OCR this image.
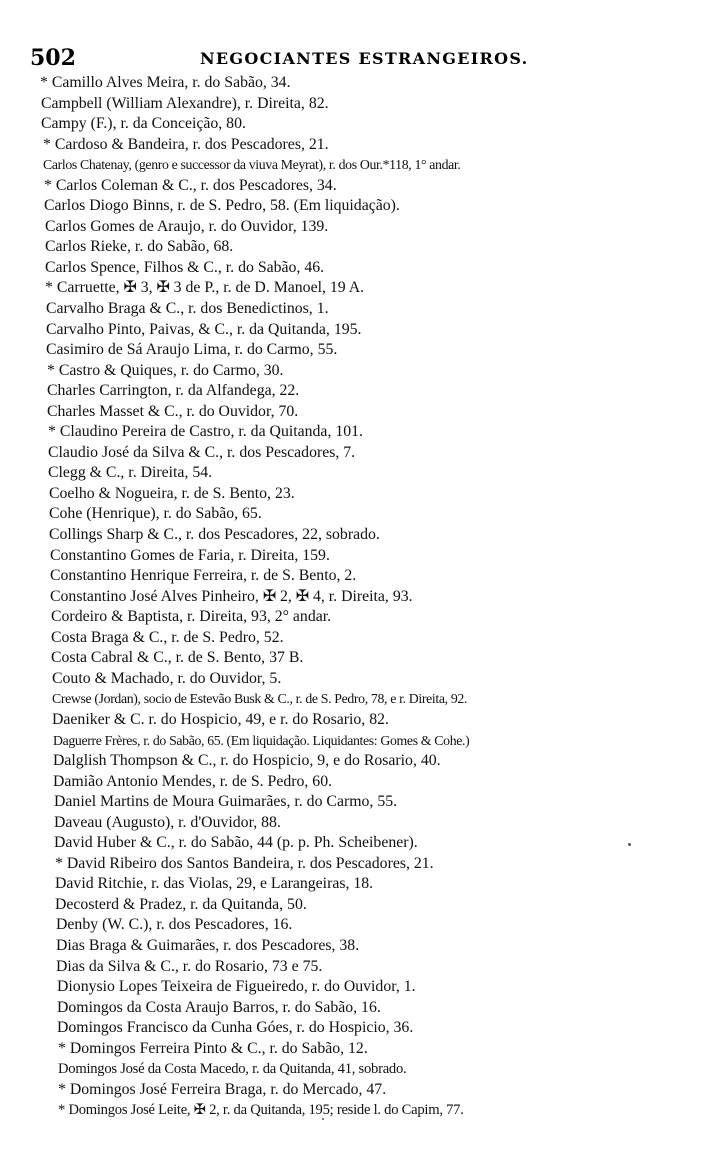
502	NEGOCIANTES ESTRANGEIROS.
* Camillo Alves Meira, r. do Sabão, 34.
Campbell (William Alexandre), r. Direita, 82.
Campy (F.), r. da Conceição, 80.
* Cardoso & Bandeira, r. dos Pescadores, 21.
Carlos Chatenay, (genro e successor da viuva Meyrat), r. dos Our.*118, 1° andar.
* Carlos Coleman & C., r. dos Pescadores, 34.
Carlos Diogo Binns, r. de S. Pedro, 58. (Em liquidação).
Carlos Gomes de Araujo, r. do Ouvidor, 139.
Carlos Rieke, r. do Sabão, 68.
Carlos Spence, Filhos & C., r. do Sabão, 46.
* Carruette, ✠ 3, ✠ 3 de P., r. de D. Manoel, 19 A.
Carvalho Braga & C., r. dos Benedictinos, 1.
Carvalho Pinto, Paivas, & C., r. da Quitanda, 195.
Casimiro de Sá Araujo Lima, r. do Carmo, 55.
* Castro & Quiques, r. do Carmo, 30.
Charles Carrington, r. da Alfandega, 22.
Charles Masset & C., r. do Ouvidor, 70.
* Claudino Pereira de Castro, r. da Quitanda, 101.
Claudio José da Silva & C., r. dos Pescadores, 7.
Clegg & C., r. Direita, 54.
Coelho & Nogueira, r. de S. Bento, 23.
Cohe (Henrique), r. do Sabão, 65.
Collings Sharp & C., r. dos Pescadores, 22, sobrado.
Constantino Gomes de Faria, r. Direita, 159.
Constantino Henrique Ferreira, r. de S. Bento, 2.
Constantino José Alves Pinheiro, ✠ 2, ✠ 4, r. Direita, 93.
Cordeiro & Baptista, r. Direita, 93, 2° andar.
Costa Braga & C., r. de S. Pedro, 52.
Costa Cabral & C., r. de S. Bento, 37 B.
Couto & Machado, r. do Ouvidor, 5.
Crewse (Jordan), socio de Estevão Busk & C., r. de S. Pedro, 78, e r. Direita, 92.
Daeniker & C. r. do Hospicio, 49, e r. do Rosario, 82.
Daguerre Frères, r. do Sabão, 65. (Em liquidação. Liquidantes: Gomes & Cohe.)
Dalglish Thompson & C., r. do Hospicio, 9, e do Rosario, 40.
Damião Antonio Mendes, r. de S. Pedro, 60.
Daniel Martins de Moura Guimarães, r. do Carmo, 55.
Daveau (Augusto), r. d'Ouvidor, 88.
David Huber & C., r. do Sabão, 44 (p. p. Ph. Scheibener).
* David Ribeiro dos Santos Bandeira, r. dos Pescadores, 21.
David Ritchie, r. das Violas, 29, e Larangeiras, 18.
Decosterd & Pradez, r. da Quitanda, 50.
Denby (W. C.), r. dos Pescadores, 16.
Dias Braga & Guimarães, r. dos Pescadores, 38.
Dias da Silva & C., r. do Rosario, 73 e 75.
Dionysio Lopes Teixeira de Figueiredo, r. do Ouvidor, 1.
Domingos da Costa Araujo Barros, r. do Sabão, 16.
Domingos Francisco da Cunha Góes, r. do Hospicio, 36.
* Domingos Ferreira Pinto & C., r. do Sabão, 12.
Domingos José da Costa Macedo, r. da Quitanda, 41, sobrado.
* Domingos José Ferreira Braga, r. do Mercado, 47.
* Domingos José Leite, ✠ 2, r. da Quitanda, 195; reside l. do Capim, 77.
